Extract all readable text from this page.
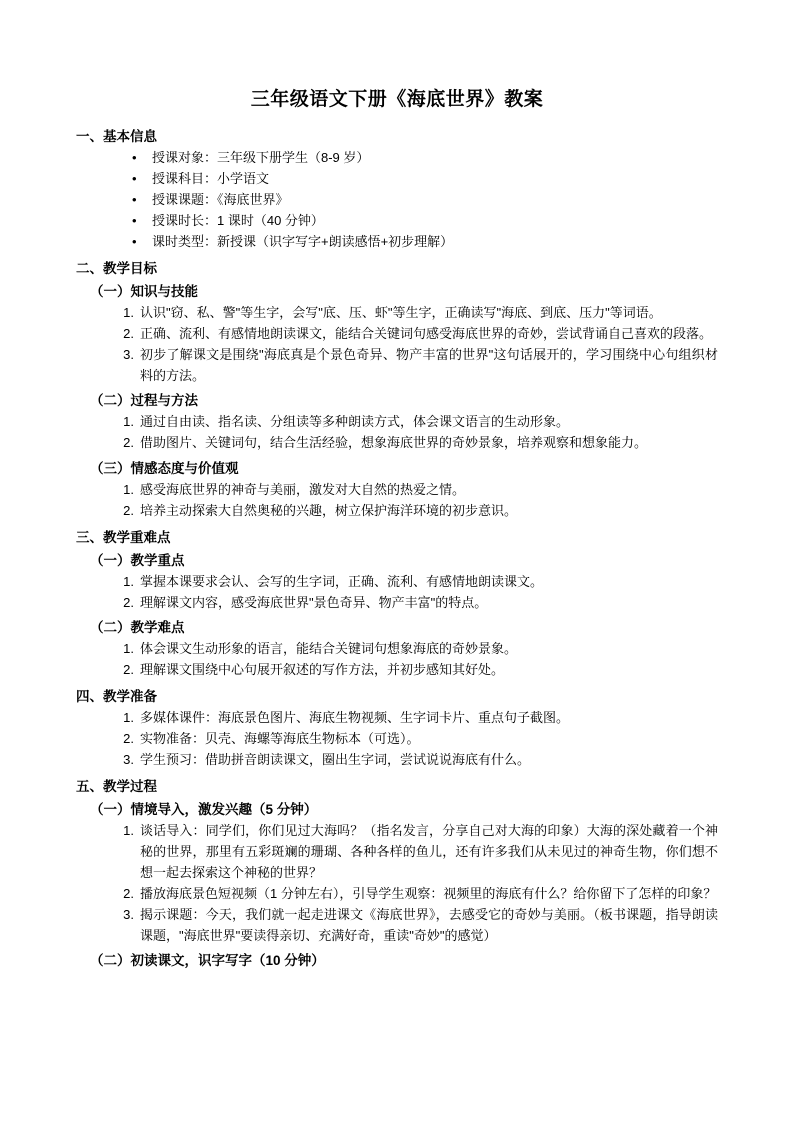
三年级语文下册《海底世界》教案
一、基本信息
• 授课对象：三年级下册学生（8-9 岁）
• 授课科目：小学语文
• 授课课题：《海底世界》
• 授课时长：1 课时（40 分钟）
• 课时类型：新授课（识字写字+朗读感悟+初步理解）
二、教学目标
（一）知识与技能
认识"窃、私、警"等生字，会写"底、压、虾"等生字，正确读写"海底、到底、压力"等词语。
正确、流利、有感情地朗读课文，能结合关键词句感受海底世界的奇妙，尝试背诵自己喜欢的段落。
初步了解课文是围绕"海底真是个景色奇异、物产丰富的世界"这句话展开的，学习围绕中心句组织材料的方法。
（二）过程与方法
通过自由读、指名读、分组读等多种朗读方式，体会课文语言的生动形象。
借助图片、关键词句，结合生活经验，想象海底世界的奇妙景象，培养观察和想象能力。
（三）情感态度与价值观
感受海底世界的神奇与美丽，激发对大自然的热爱之情。
培养主动探索大自然奥秘的兴趣，树立保护海洋环境的初步意识。
三、教学重难点
（一）教学重点
掌握本课要求会认、会写的生字词，正确、流利、有感情地朗读课文。
理解课文内容，感受海底世界"景色奇异、物产丰富"的特点。
（二）教学难点
体会课文生动形象的语言，能结合关键词句想象海底的奇妙景象。
理解课文围绕中心句展开叙述的写作方法，并初步感知其好处。
四、教学准备
多媒体课件：海底景色图片、海底生物视频、生字词卡片、重点句子截图。
实物准备：贝壳、海螺等海底生物标本（可选）。
学生预习：借助拼音朗读课文，圈出生字词，尝试说说海底有什么。
五、教学过程
（一）情境导入，激发兴趣（5 分钟）
谈话导入：同学们，你们见过大海吗？（指名发言，分享自己对大海的印象）大海的深处藏着一个神秘的世界，那里有五彩斑斓的珊瑚、各种各样的鱼儿，还有许多我们从未见过的神奇生物，你们想不想一起去探索这个神秘的世界？
播放海底景色短视频（1 分钟左右），引导学生观察：视频里的海底有什么？给你留下了怎样的印象？
揭示课题：今天，我们就一起走进课文《海底世界》，去感受它的奇妙与美丽。（板书课题，指导朗读课题，"海底世界"要读得亲切、充满好奇，重读"奇妙"的感觉）
（二）初读课文，识字写字（10 分钟）
